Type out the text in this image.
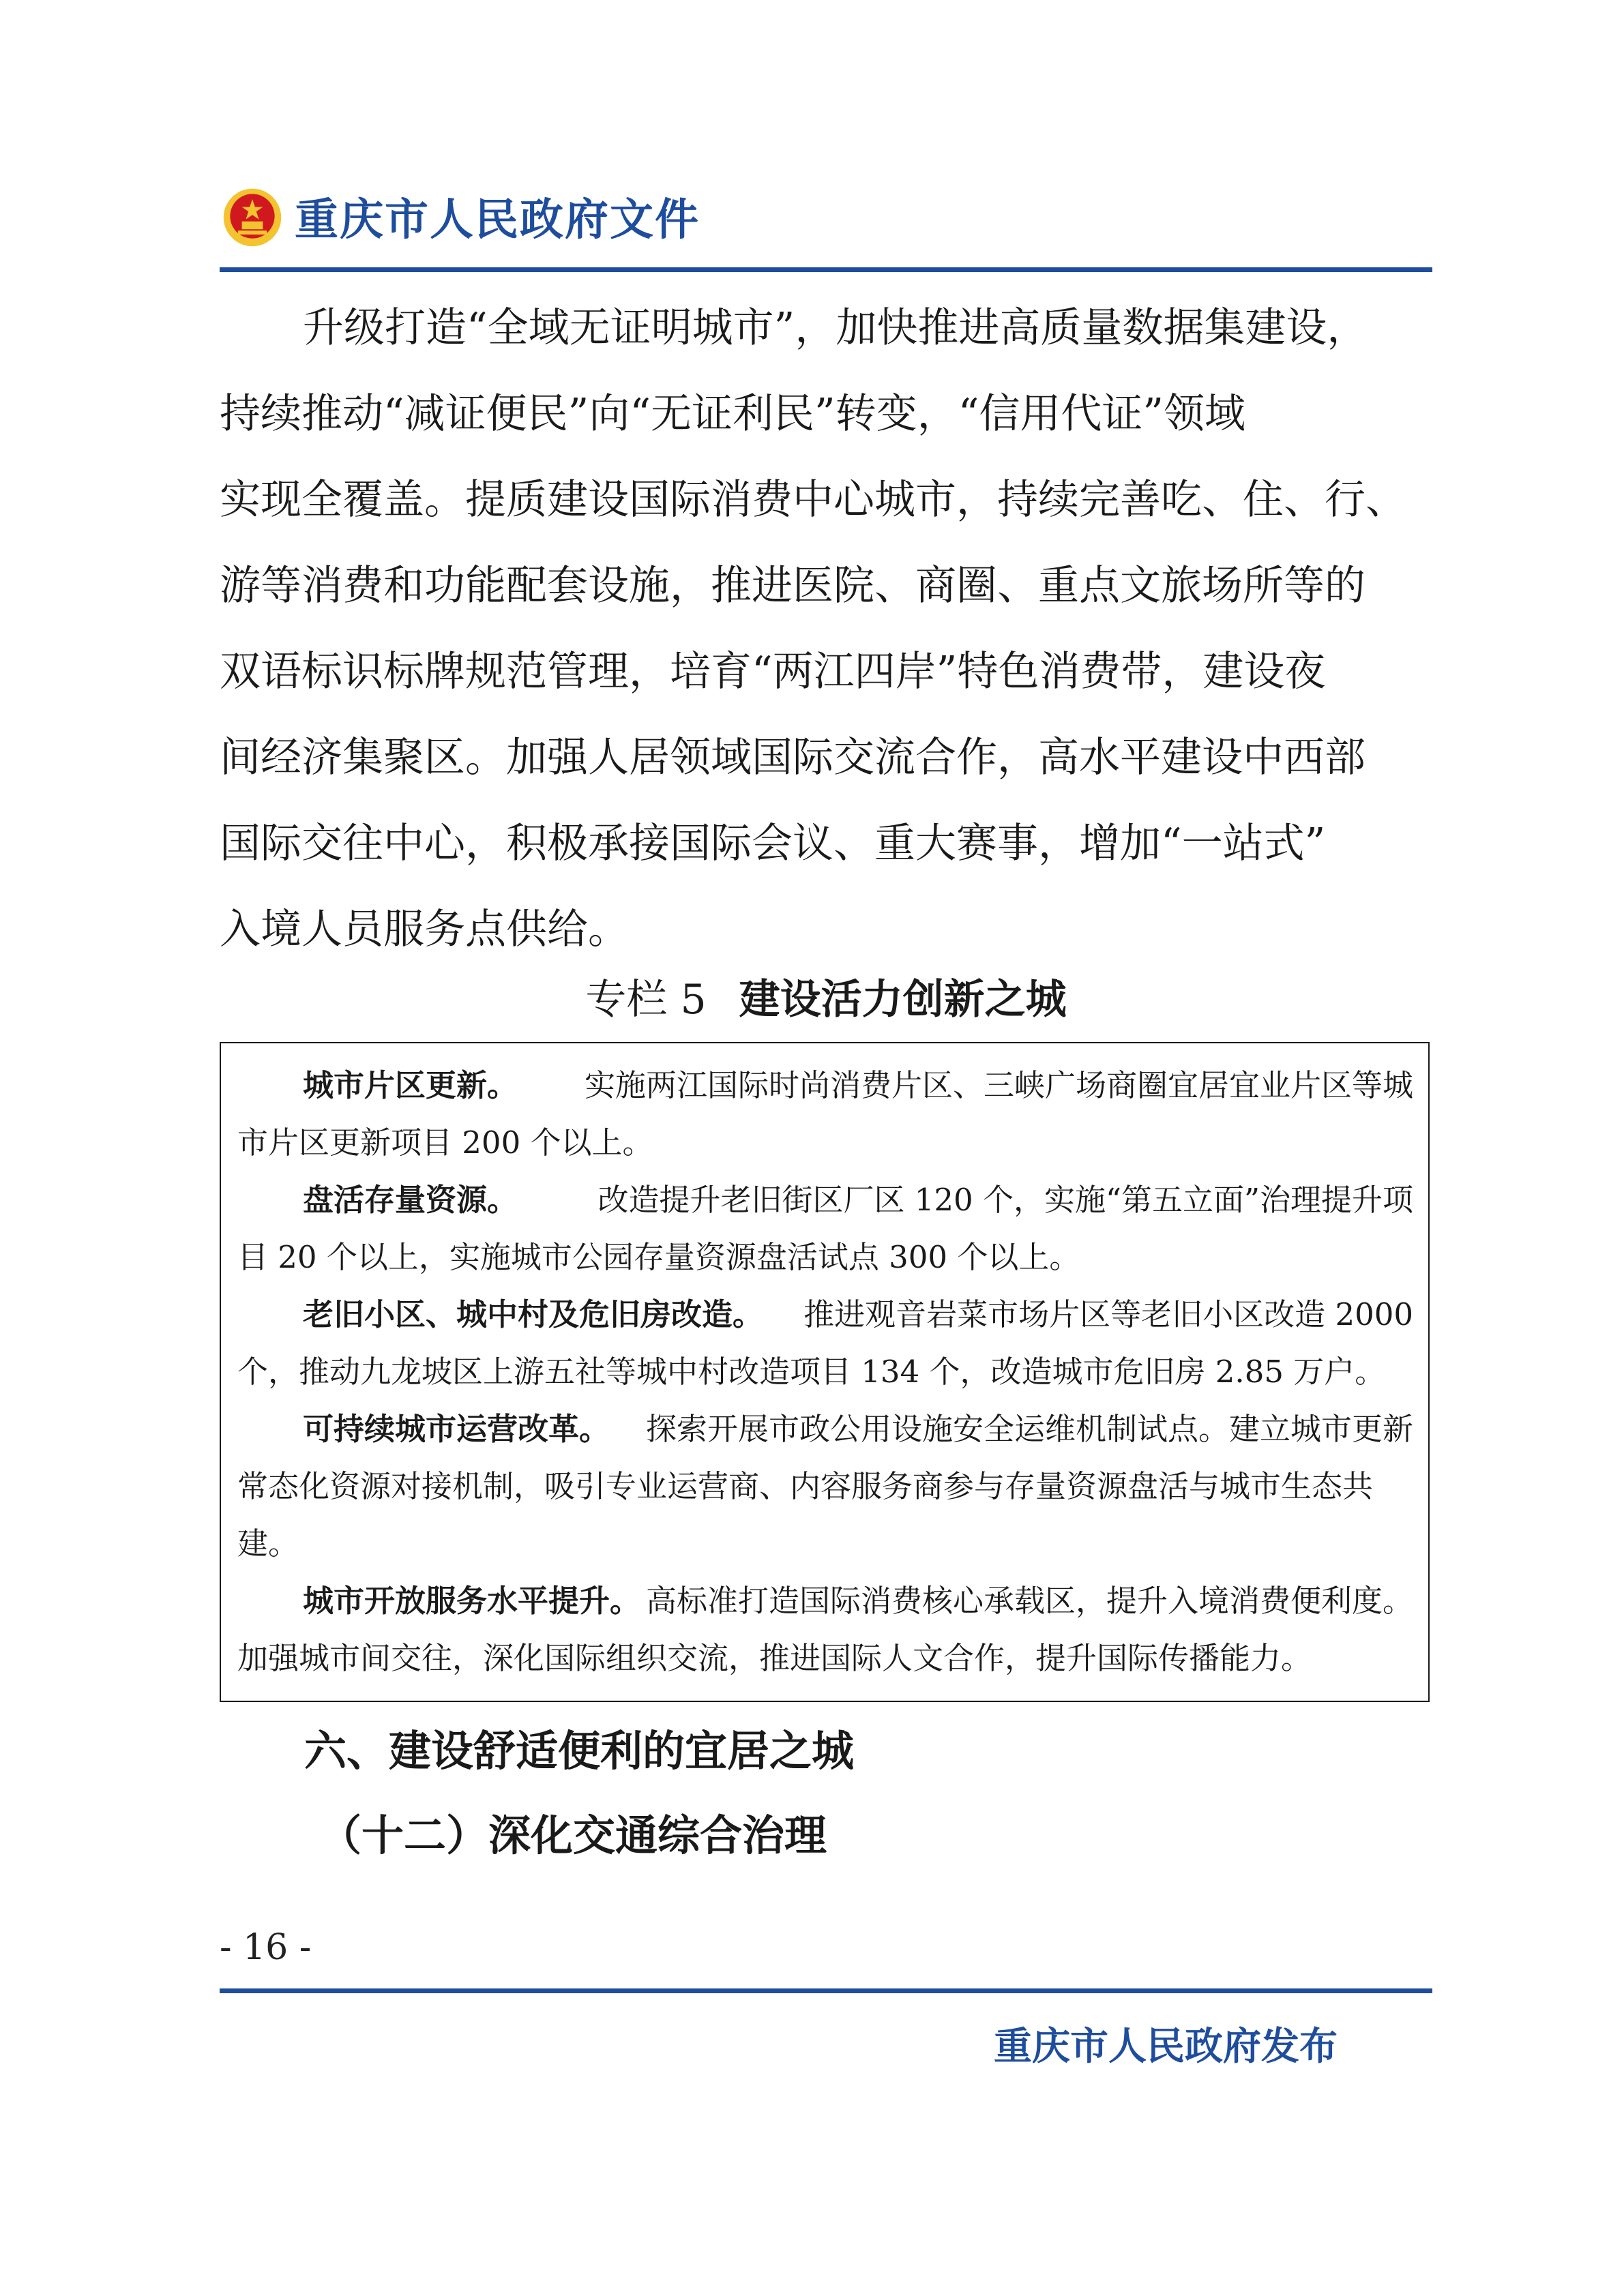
重庆市人民政府文件
升级打造“全域无证明城市”，加快推进高质量数据集建设，
持续推动“减证便民”向“无证利民”转变，“信用代证”领域
实现全覆盖。提质建设国际消费中心城市，持续完善吃、住、行、
游等消费和功能配套设施，推进医院、商圈、重点文旅场所等的
双语标识标牌规范管理，培育“两江四岸”特色消费带，建设夜
间经济集聚区。加强人居领域国际交流合作，高水平建设中西部
国际交往中心，积极承接国际会议、重大赛事，增加“一站式”
入境人员服务点供给。
专栏 5 建设活力创新之城
城市片区更新。 实施两江国际时尚消费片区、三峡广场商圈宜居宜业片区等城
市片区更新项目 200 个以上。
盘活存量资源。	改造提升老旧街区厂区 120 个，实施“第五立面”治理提升项
目 20 个以上，实施城市公园存量资源盘活试点 300 个以上。
老旧小区、城中村及危旧房改造。 推进观音岩菜市场片区等老旧小区改造 2000
个，推动九龙坡区上游五社等城中村改造项目 134 个，改造城市危旧房 2.85 万户。
可持续城市运营改革。 探索开展市政公用设施安全运维机制试点。建立城市更新
常态化资源对接机制，吸引专业运营商、内容服务商参与存量资源盘活与城市生态共
建。
城市开放服务水平提升。 高标准打造国际消费核心承载区，提升入境消费便利度。
加强城市间交往，深化国际组织交流，推进国际人文合作，提升国际传播能力。
六、建设舒适便利的宜居之城
（十二）深化交通综合治理
- 16 -
重庆市人民政府发布
